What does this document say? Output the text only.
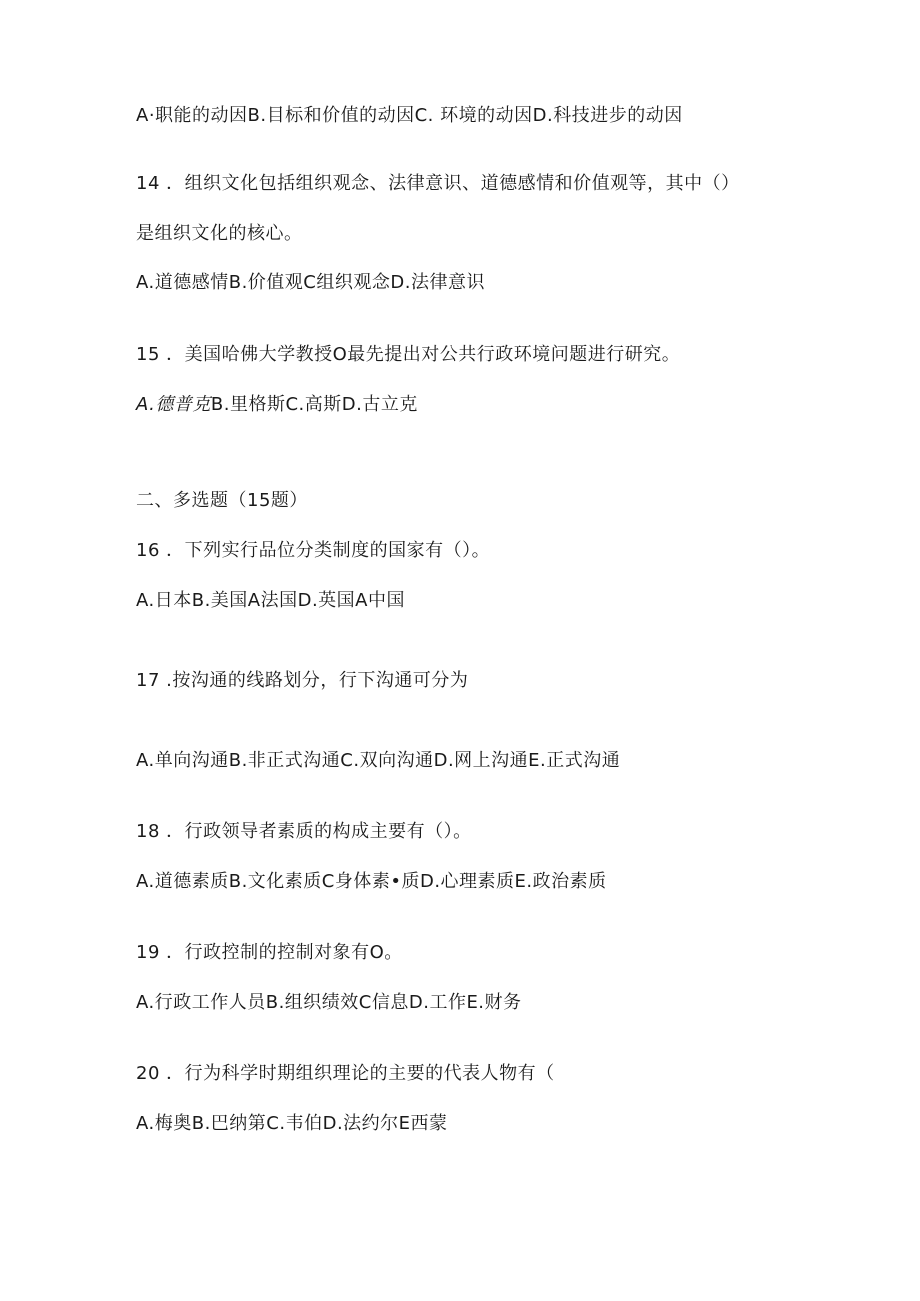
A·职能的动因B.目标和价值的动因C. 环境的动因D.科技进步的动因
14 ．组织文化包括组织观念、法律意识、道德感情和价值观等，其中（）
是组织文化的核心。
A.道德感情B.价值观C组织观念D.法律意识
15 ．美国哈佛大学教授O最先提出对公共行政环境问题进行研究。
A.德普克B.里格斯C.高斯D.古立克
二、多选题（15题）
16 ．下列实行品位分类制度的国家有（）。
A.日本B.美国A法国D.英国A中国
17 .按沟通的线路划分，行下沟通可分为
A.单向沟通B.非正式沟通C.双向沟通D.网上沟通E.正式沟通
18 ．行政领导者素质的构成主要有（）。
A.道德素质B.文化素质C身体素•质D.心理素质E.政治素质
19 ．行政控制的控制对象有O。
A.行政工作人员B.组织绩效C信息D.工作E.财务
20 ．行为科学时期组织理论的主要的代表人物有（
A.梅奥B.巴纳第C.韦伯D.法约尔E西蒙
